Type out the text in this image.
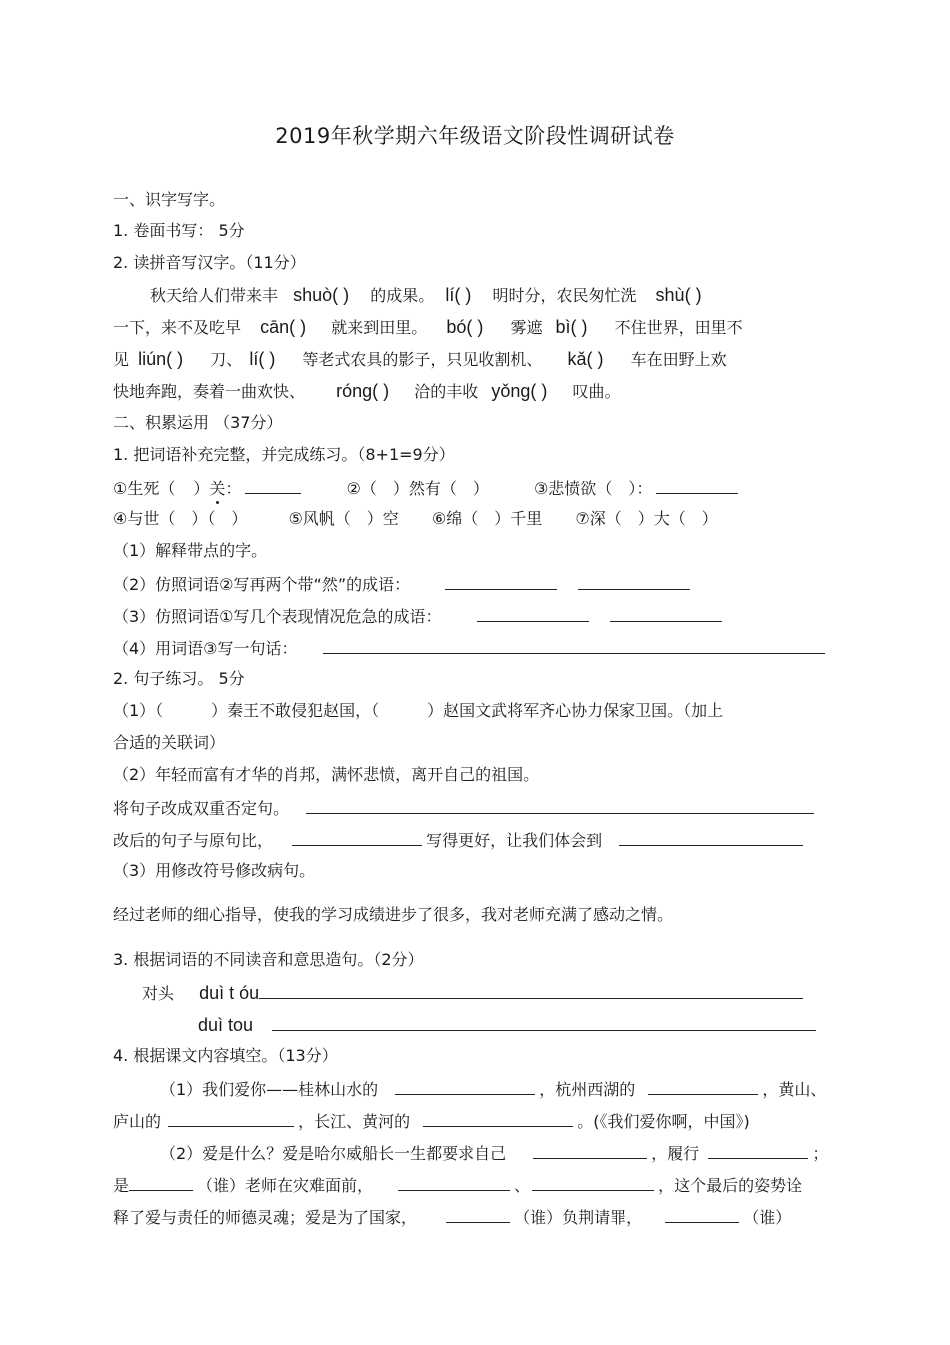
2019年秋学期六年级语文阶段性调研试卷
一、识字写字。
1. 卷面书写： 5分
2. 读拼音写汉字。（11分）
秋天给人们带来丰 shuò( ) 的成果。 lí( ) 明时分，农民匆忙洗 shù( )
一下，来不及吃早 cān( ) 就来到田里。 bó( ) 雾遮 bì( ) 不住世界，田里不
见 liún( ) 刀、 lí( ) 等老式农具的影子，只见收割机、 kǎ( ) 车在田野上欢
快地奔跑，奏着一曲欢快、 róng( ) 洽的丰收 yǒng( ) 叹曲。
二、积累运用 （37分）
1. 把词语补充完整，并完成练习。（8+1=9分）
①生死（ ）关：	②（　）然有（　）	③悲愤欲（　）：
④与世（　）（　）	⑤风帆（　）空 ⑥绵（　）千里 ⑦深（　）大（　）
（1）解释带点的字。
（2）仿照词语②写再两个带“然”的成语：
（3）仿照词语①写几个表现情况危急的成语：
（4）用词语③写一句话：
2. 句子练习。 5分
（1）（　　　）秦王不敢侵犯赵国，（　　　）赵国文武将军齐心协力保家卫国。（加上
合适的关联词）
（2）年轻而富有才华的肖邦，满怀悲愤，离开自己的祖国。
将句子改成双重否定句。
改后的句子与原句比，	写得更好，让我们体会到
（3）用修改符号修改病句。
经过老师的细心指导，使我的学习成绩进步了很多，我对老师充满了感动之情。
3. 根据词语的不同读音和意思造句。（2分）
对头 duì t óu
duì tou
4. 根据课文内容填空。（13分）
（1）我们爱你——桂林山水的	，杭州西湖的	，黄山、
庐山的	，长江、黄河的	。(《我们爱你啊，中国》)
（2）爱是什么？爱是哈尔威船长一生都要求自己	，履行	；
是	（谁）老师在灾难面前，	、	，这个最后的姿势诠
释了爱与责任的师德灵魂；爱是为了国家，	（谁）负荆请罪，	（谁）
